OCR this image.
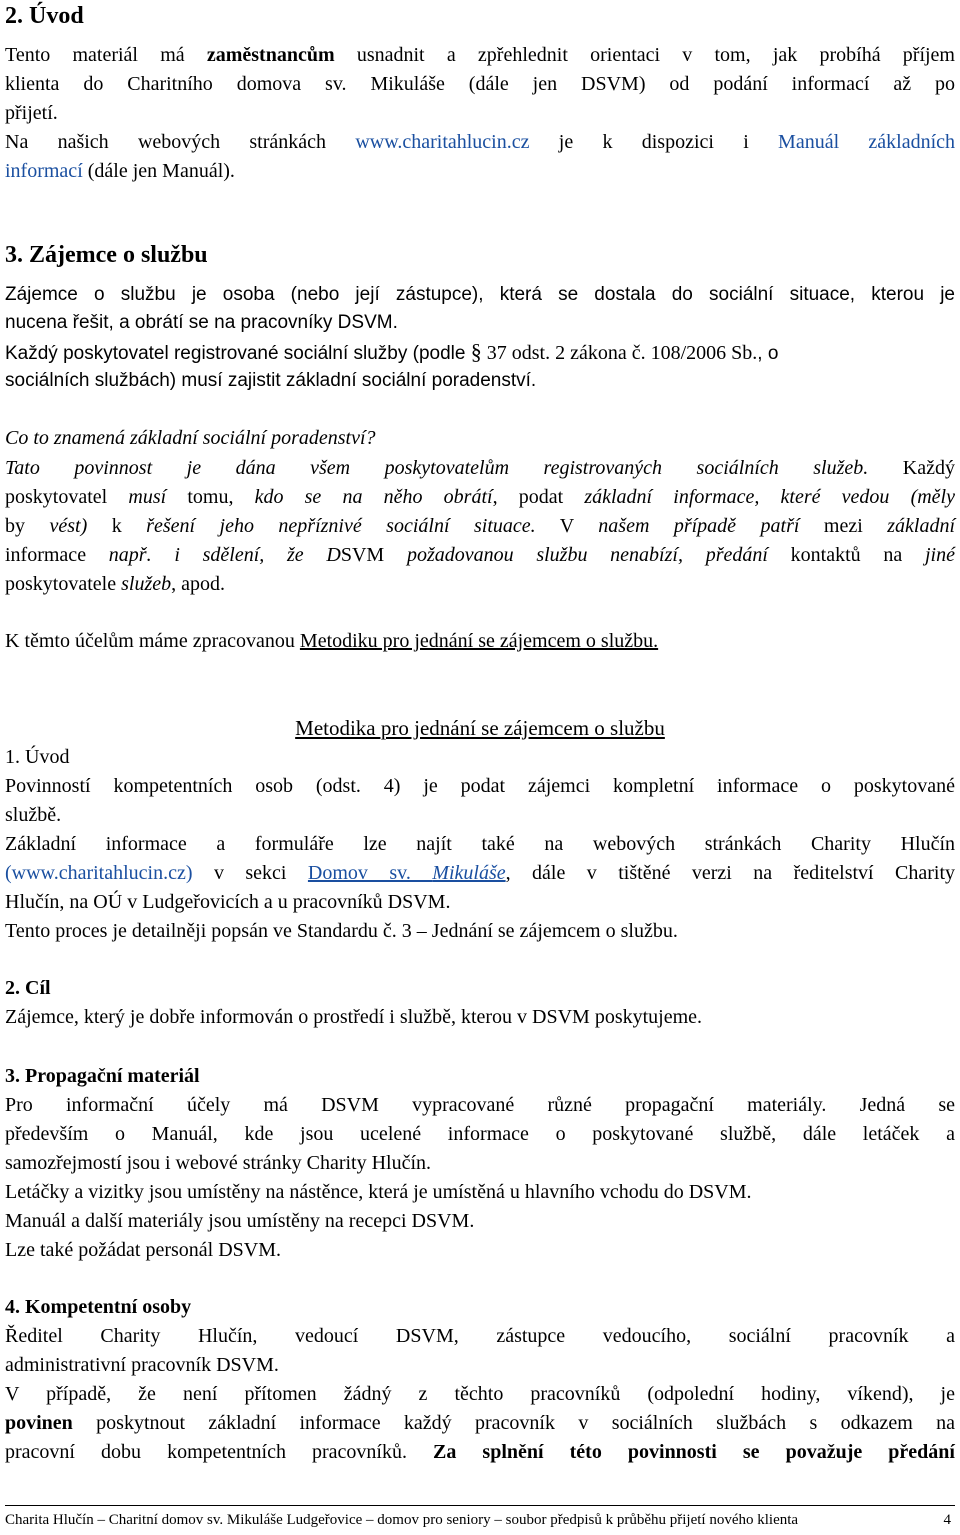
2. Úvod
Tento materiál má zaměstnancům usnadnit a zpřehlednit orientaci v tom, jak probíhá příjem
klienta do Charitního domova sv. Mikuláše (dále jen DSVM) od podání informací až po
přijetí.
Na našich webových stránkách www.charitahlucin.cz je k dispozici i Manuál základních
informací (dále jen Manuál).
3. Zájemce o službu
Zájemce o službu je osoba (nebo její zástupce), která se dostala do sociální situace, kterou je
nucena řešit, a obrátí se na pracovníky DSVM.
Každý poskytovatel registrované sociální služby (podle § 37 odst. 2 zákona č. 108/2006 Sb., o
sociálních službách) musí zajistit základní sociální poradenství.
Co to znamená základní sociální poradenství?
Tato povinnost je dána všem poskytovatelům registrovaných sociálních služeb. Každý
poskytovatel musí tomu, kdo se na něho obrátí, podat základní informace, které vedou (měly
by vést) k řešení jeho nepříznivé sociální situace. V našem případě patří mezi základní
informace např. i sdělení, že DSVM požadovanou službu nenabízí, předání kontaktů na jiné
poskytovatele služeb, apod.
K těmto účelům máme zpracovanou Metodiku pro jednání se zájemcem o službu.
Metodika pro jednání se zájemcem o službu
1. Úvod
Povinností kompetentních osob (odst. 4) je podat zájemci kompletní informace o poskytované
službě.
Základní informace a formuláře lze najít také na webových stránkách Charity Hlučín
(www.charitahlucin.cz) v sekci Domov sv. Mikuláše, dále v tištěné verzi na ředitelství Charity
Hlučín, na OÚ v Ludgeřovicích a u pracovníků DSVM.
Tento proces je detailněji popsán ve Standardu č. 3 – Jednání se zájemcem o službu.
2. Cíl
Zájemce, který je dobře informován o prostředí i službě, kterou v DSVM poskytujeme.
3. Propagační materiál
Pro informační účely má DSVM vypracované různé propagační materiály. Jedná se
především o Manuál, kde jsou ucelené informace o poskytované službě, dále letáček a
samozřejmostí jsou i webové stránky Charity Hlučín.
Letáčky a vizitky jsou umístěny na nástěnce, která je umístěná u hlavního vchodu do DSVM.
Manuál a další materiály jsou umístěny na recepci DSVM.
Lze také požádat personál DSVM.
4. Kompetentní osoby
Ředitel Charity Hlučín, vedoucí DSVM, zástupce vedoucího, sociální pracovník a
administrativní pracovník DSVM.
V případě, že není přítomen žádný z těchto pracovníků (odpolední hodiny, víkend), je
povinen poskytnout základní informace každý pracovník v sociálních službách s odkazem na
pracovní dobu kompetentních pracovníků. Za splnění této povinnosti se považuje předání
Charita Hlučín – Charitní domov sv. Mikuláše Ludgeřovice – domov pro seniory – soubor předpisů k průběhu přijetí nového klienta	4
